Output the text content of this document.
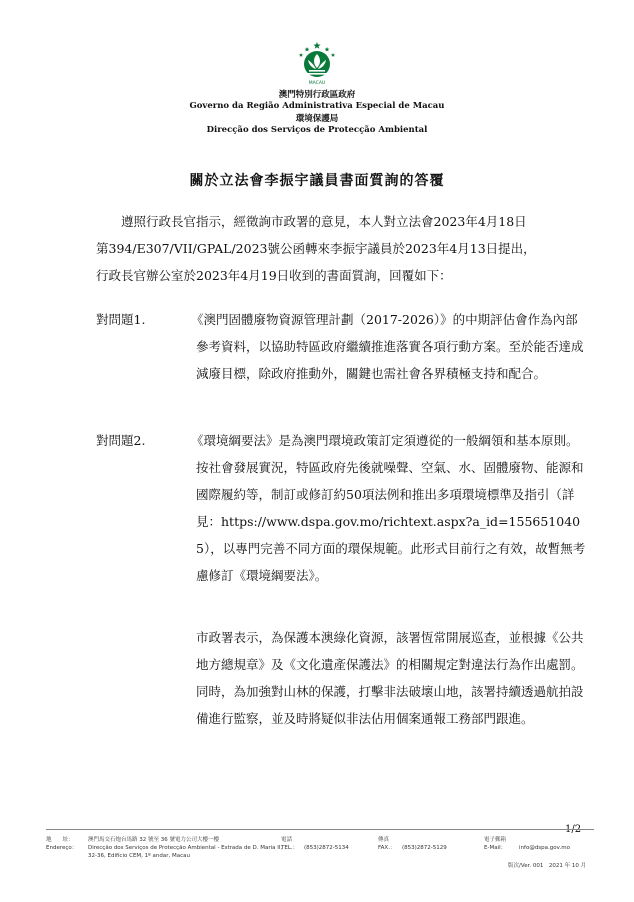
MACAU
澳門特別行政區政府
Governo da Região Administrativa Especial de Macau
環境保護局
Direcção dos Serviços de Protecção Ambiental
關於立法會李振宇議員書面質詢的答覆
遵照行政長官指示，經徵詢市政署的意見，本人對立法會2023年4月18日第394/E307/VII/GPAL/2023號公函轉來李振宇議員於2023年4月13日提出，行政長官辦公室於2023年4月19日收到的書面質詢，回覆如下：
對問題1.	《澳門固體廢物資源管理計劃（2017-2026）》的中期評估會作為內部參考資料，以協助特區政府繼續推進落實各項行動方案。至於能否達成減廢目標，除政府推動外，關鍵也需社會各界積極支持和配合。
對問題2.	《環境綱要法》是為澳門環境政策訂定須遵從的一般綱領和基本原則。按社會發展實況，特區政府先後就噪聲、空氣、水、固體廢物、能源和國際履約等，制訂或修訂約50項法例和推出多項環境標準及指引（詳見：https://www.dspa.gov.mo/richtext.aspx?a_id=1556510405），以專門完善不同方面的環保規範。此形式目前行之有效，故暫無考慮修訂《環境綱要法》。
市政署表示，為保護本澳綠化資源，該署恆常開展巡查，並根據《公共地方總規章》及《文化遺產保護法》的相關規定對違法行為作出處罰。同時，為加強對山林的保護，打擊非法破壞山地，該署持續透過航拍設備進行監察，並及時將疑似非法佔用個案通報工務部門跟進。
地　　址：
Endereço：
澳門馬交石炮台馬路 32 號至 36 號電力公司大樓一樓
Direcção dos Serviços de Protecção Ambiental - Estrada de D. Maria II,
32-36, Edifício CEM, 1º andar, Macau
電話
TEL.： (853)2872-5134
傳真
FAX.： (853)2872-5129
電子郵箱
E-Mail： info@dspa.gov.mo
版次/Ver. 001　2021 年 10 月
